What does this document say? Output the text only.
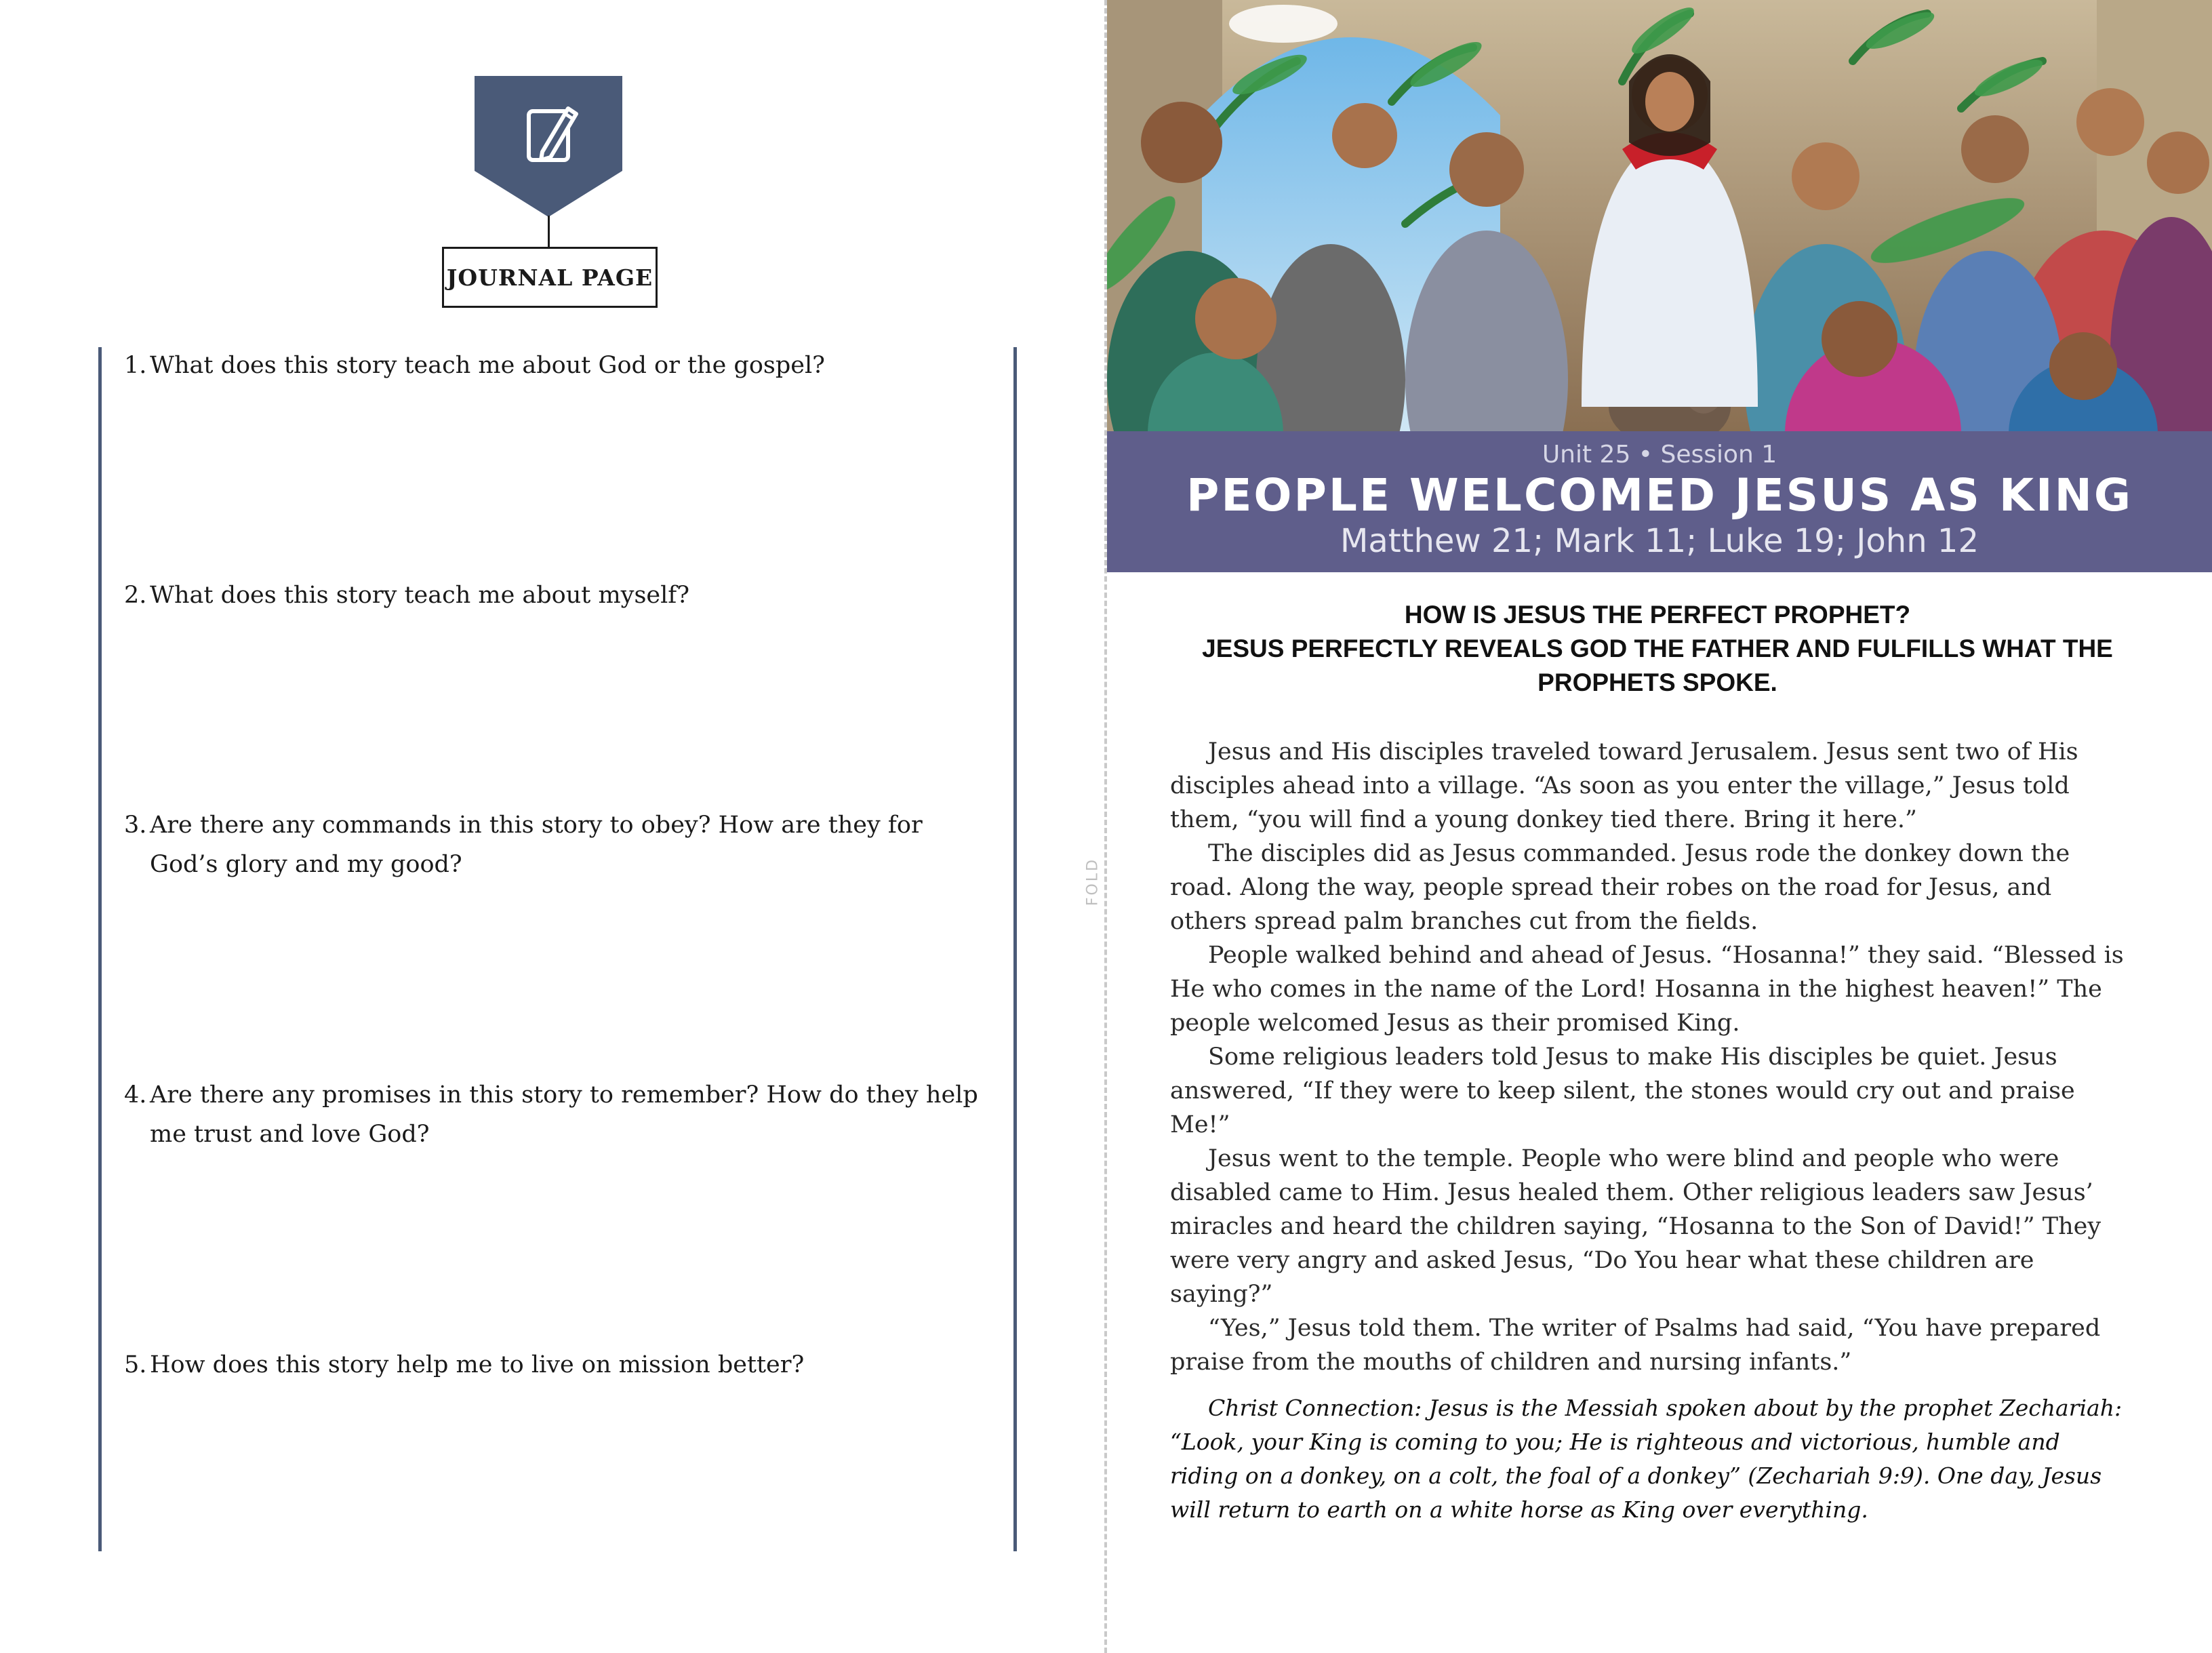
JOURNAL PAGE
1. What does this story teach me about God or the gospel?
2. What does this story teach me about myself?
3. Are there any commands in this story to obey? How are they for God’s glory and my good?
4. Are there any promises in this story to remember? How do they help me trust and love God?
5. How does this story help me to live on mission better?
FOLD
Unit 25 • Session 1
PEOPLE WELCOMED JESUS AS KING
Matthew 21; Mark 11; Luke 19; John 12
HOW IS JESUS THE PERFECT PROPHET?
JESUS PERFECTLY REVEALS GOD THE FATHER AND FULFILLS WHAT THE PROPHETS SPOKE.

Jesus and His disciples traveled toward Jerusalem. Jesus sent two of His disciples ahead into a village. “As soon as you enter the village,” Jesus told them, “you will find a young donkey tied there. Bring it here.”

The disciples did as Jesus commanded. Jesus rode the donkey down the road. Along the way, people spread their robes on the road for Jesus, and others spread palm branches cut from the fields.

People walked behind and ahead of Jesus. “Hosanna!” they said. “Blessed is He who comes in the name of the Lord! Hosanna in the highest heaven!” The people welcomed Jesus as their promised King.

Some religious leaders told Jesus to make His disciples be quiet. Jesus answered, “If they were to keep silent, the stones would cry out and praise Me!”

Jesus went to the temple. People who were blind and people who were disabled came to Him. Jesus healed them. Other religious leaders saw Jesus’ miracles and heard the children saying, “Hosanna to the Son of David!” They were very angry and asked Jesus, “Do You hear what these children are saying?”

“Yes,” Jesus told them. The writer of Psalms had said, “You have prepared praise from the mouths of children and nursing infants.”

Christ Connection: Jesus is the Messiah spoken about by the prophet Zechariah: “Look, your King is coming to you; He is righteous and victorious, humble and riding on a donkey, on a colt, the foal of a donkey” (Zechariah 9:9). One day, Jesus will return to earth on a white horse as King over everything.
